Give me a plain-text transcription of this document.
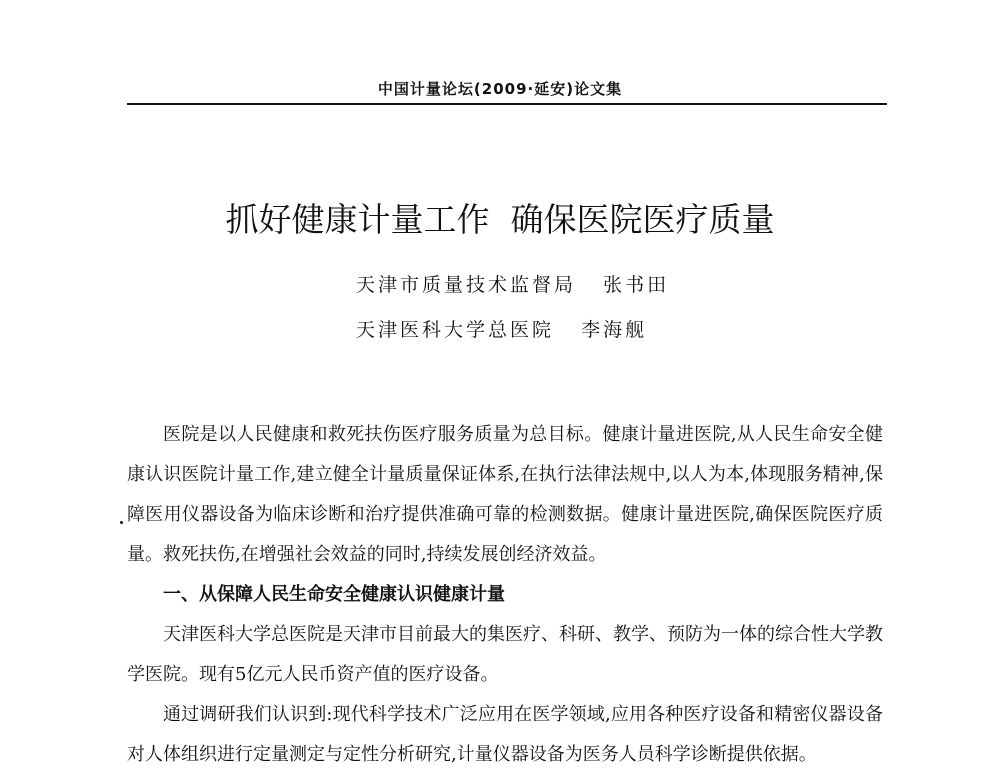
中国计量论坛(2009·延安)论文集
抓好健康计量工作  确保医院医疗质量
天津市质量技术监督局   张书田
天津医科大学总医院   李海舰

医院是以人民健康和救死扶伤医疗服务质量为总目标。健康计量进医院,从人民生命安全健康认识医院计量工作,建立健全计量质量保证体系,在执行法律法规中,以人为本,体现服务精神,保障医用仪器设备为临床诊断和治疗提供准确可靠的检测数据。健康计量进医院,确保医院医疗质量。救死扶伤,在增强社会效益的同时,持续发展创经济效益。

一、从保障人民生命安全健康认识健康计量

天津医科大学总医院是天津市目前最大的集医疗、科研、教学、预防为一体的综合性大学教学医院。现有5亿元人民币资产值的医疗设备。

通过调研我们认识到:现代科学技术广泛应用在医学领域,应用各种医疗设备和精密仪器设备对人体组织进行定量测定与定性分析研究,计量仪器设备为医务人员科学诊断提供依据。
